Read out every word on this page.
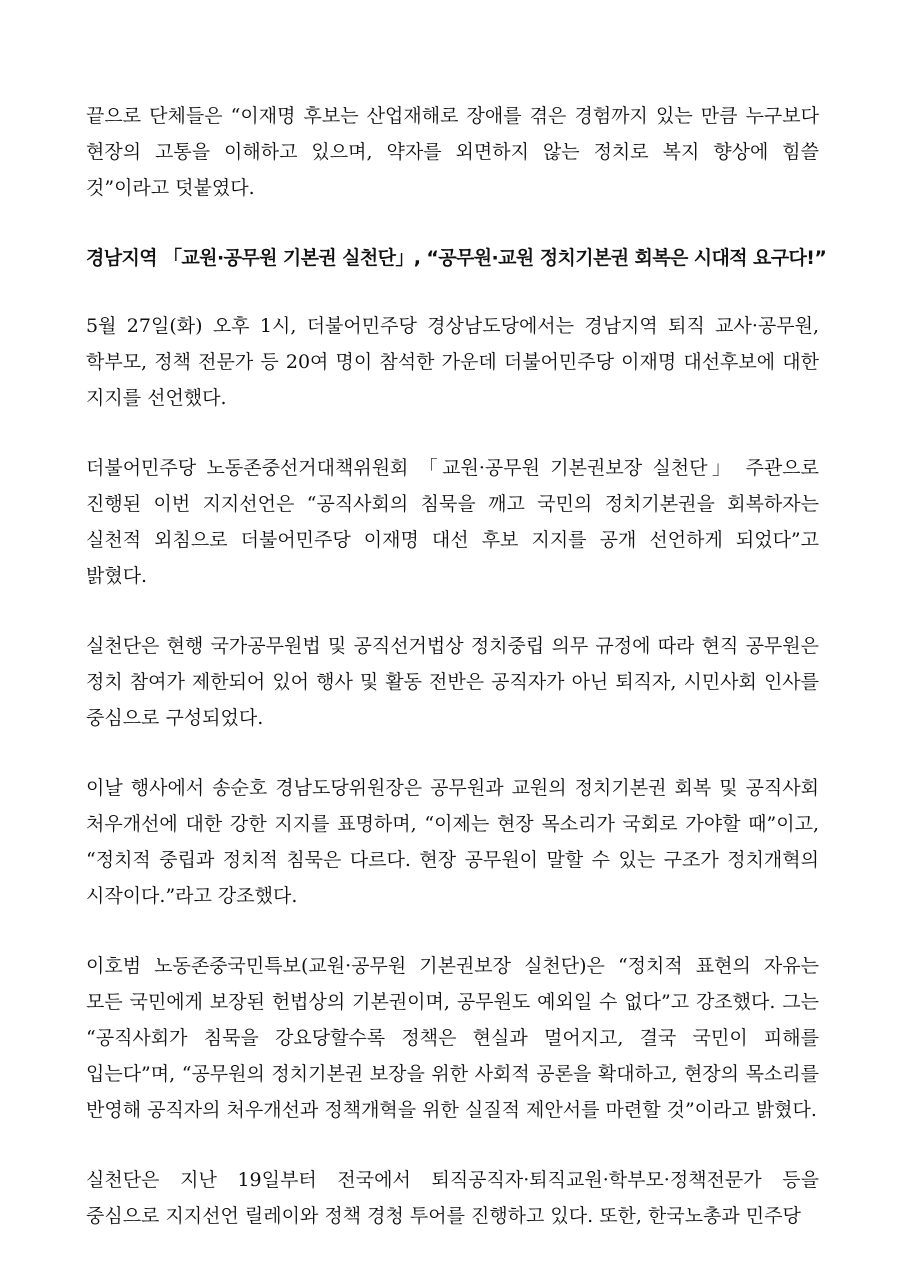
끝으로 단체들은 “이재명 후보는 산업재해로 장애를 겪은 경험까지 있는 만큼 누구보다 현장의 고통을 이해하고 있으며, 약자를 외면하지 않는 정치로 복지 향상에 힘쓸 것”이라고 덧붙였다.

경남지역 「교원·공무원 기본권 실천단」, “공무원·교원 정치기본권 회복은 시대적 요구다!”

5월 27일(화) 오후 1시, 더불어민주당 경상남도당에서는 경남지역 퇴직 교사·공무원, 학부모, 정책 전문가 등 20여 명이 참석한 가운데 더불어민주당 이재명 대선후보에 대한 지지를 선언했다.

더불어민주당 노동존중선거대책위원회 「교원·공무원 기본권보장 실천단」 주관으로 진행된 이번 지지선언은 “공직사회의 침묵을 깨고 국민의 정치기본권을 회복하자는 실천적 외침으로 더불어민주당 이재명 대선 후보 지지를 공개 선언하게 되었다”고 밝혔다.

실천단은 현행 국가공무원법 및 공직선거법상 정치중립 의무 규정에 따라 현직 공무원은 정치 참여가 제한되어 있어 행사 및 활동 전반은 공직자가 아닌 퇴직자, 시민사회 인사를 중심으로 구성되었다.

이날 행사에서 송순호 경남도당위원장은 공무원과 교원의 정치기본권 회복 및 공직사회 처우개선에 대한 강한 지지를 표명하며, “이제는 현장 목소리가 국회로 가야할 때”이고, “정치적 중립과 정치적 침묵은 다르다. 현장 공무원이 말할 수 있는 구조가 정치개혁의 시작이다.”라고 강조했다.

이호범 노동존중국민특보(교원·공무원 기본권보장 실천단)은 “정치적 표현의 자유는 모든 국민에게 보장된 헌법상의 기본권이며, 공무원도 예외일 수 없다”고 강조했다. 그는 “공직사회가 침묵을 강요당할수록 정책은 현실과 멀어지고, 결국 국민이 피해를 입는다”며, “공무원의 정치기본권 보장을 위한 사회적 공론을 확대하고, 현장의 목소리를 반영해 공직자의 처우개선과 정책개혁을 위한 실질적 제안서를 마련할 것”이라고 밝혔다.

실천단은 지난 19일부터 전국에서 퇴직공직자·퇴직교원·학부모·정책전문가 등을 중심으로 지지선언 릴레이와 정책 경청 투어를 진행하고 있다. 또한, 한국노총과 민주당
